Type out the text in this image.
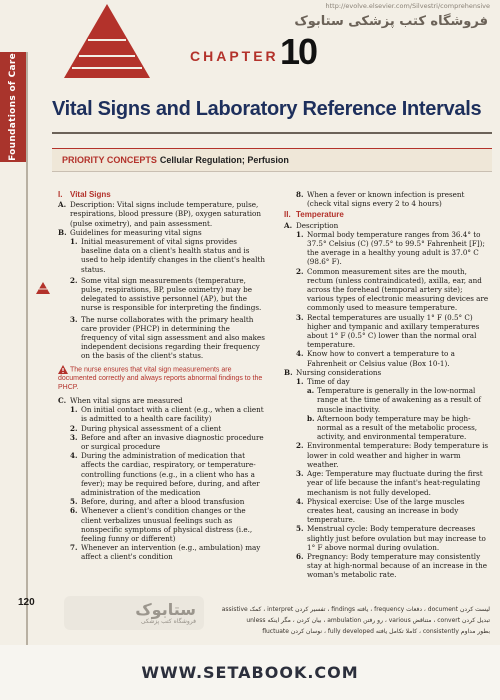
Foundations of Care
http://evolve.elsevier.com/Silvestri/comprehensive
فروشگاه کتب پزشکی ستابوک
CHAPTER 10
Vital Signs and Laboratory Reference Intervals
PRIORITY CONCEPTS Cellular Regulation; Perfusion
I. Vital Signs
A. Description: Vital signs include temperature, pulse, respirations, blood pressure (BP), oxygen saturation (pulse oximetry), and pain assessment.

B. Guidelines for measuring vital signs

1. Initial measurement of vital signs provides baseline data on a client's health status and is used to help identify changes in the client's health status.

2. Some vital sign measurements (temperature, pulse, respirations, BP, pulse oximetry) may be delegated to assistive personnel (AP), but the nurse is responsible for interpreting the findings.

3. The nurse collaborates with the primary health care provider (PHCP) in determining the frequency of vital sign assessment and also makes independent decisions regarding their frequency on the basis of the client's status.

The nurse ensures that vital sign measurements are documented correctly and always reports abnormal findings to the PHCP.
C. When vital signs are measured

1. On initial contact with a client (e.g., when a client is admitted to a health care facility)

2. During physical assessment of a client

3. Before and after an invasive diagnostic procedure or surgical procedure

4. During the administration of medication that affects the cardiac, respiratory, or temperature-controlling functions (e.g., in a client who has a fever); may be required before, during, and after administration of the medication

5. Before, during, and after a blood transfusion

6. Whenever a client's condition changes or the client verbalizes unusual feelings such as nonspecific symptoms of physical distress (i.e., feeling funny or different)

7. Whenever an intervention (e.g., ambulation) may affect a client's condition

8. When a fever or known infection is present (check vital signs every 2 to 4 hours)

II. Temperature
A. Description

1. Normal body temperature ranges from 36.4° to 37.5° Celsius (C) (97.5° to 99.5° Fahrenheit [F]); the average in a healthy young adult is 37.0° C (98.6° F).

2. Common measurement sites are the mouth, rectum (unless contraindicated), axilla, ear, and across the forehead (temporal artery site); various types of electronic measuring devices are commonly used to measure temperature.

3. Rectal temperatures are usually 1° F (0.5° C) higher and tympanic and axillary temperatures about 1° F (0.5° C) lower than the normal oral temperature.

4. Know how to convert a temperature to a Fahrenheit or Celsius value (Box 10-1).

B. Nursing considerations

1. Time of day

a. Temperature is generally in the low-normal range at the time of awakening as a result of muscle inactivity.

b. Afternoon body temperature may be high-normal as a result of the metabolic process, activity, and environmental temperature.

2. Environmental temperature: Body temperature is lower in cold weather and higher in warm weather.

3. Age: Temperature may fluctuate during the first year of life because the infant's heat-regulating mechanism is not fully developed.

4. Physical exercise: Use of the large muscles creates heat, causing an increase in body temperature.

5. Menstrual cycle: Body temperature decreases slightly just before ovulation but may increase to 1° F above normal during ovulation.

6. Pregnancy: Body temperature may consistently stay at high-normal because of an increase in the woman's metabolic rate.

120	ستابوک
فروشگاه کتب پزشکی
لیست کردن document ، دفعات frequency ، یافته findings ، تفسیر کردن interpret ، کمک assistive
تبدیل کردن convert ، متناقض various ، رو رفتن ambulation ، بیان کردن ، مگر اینکه unless
بطور مداوم consistently ، کاملا تکامل یافته fully developed ، نوسان کردن fluctuate
WWW.SETABOOK.COM
